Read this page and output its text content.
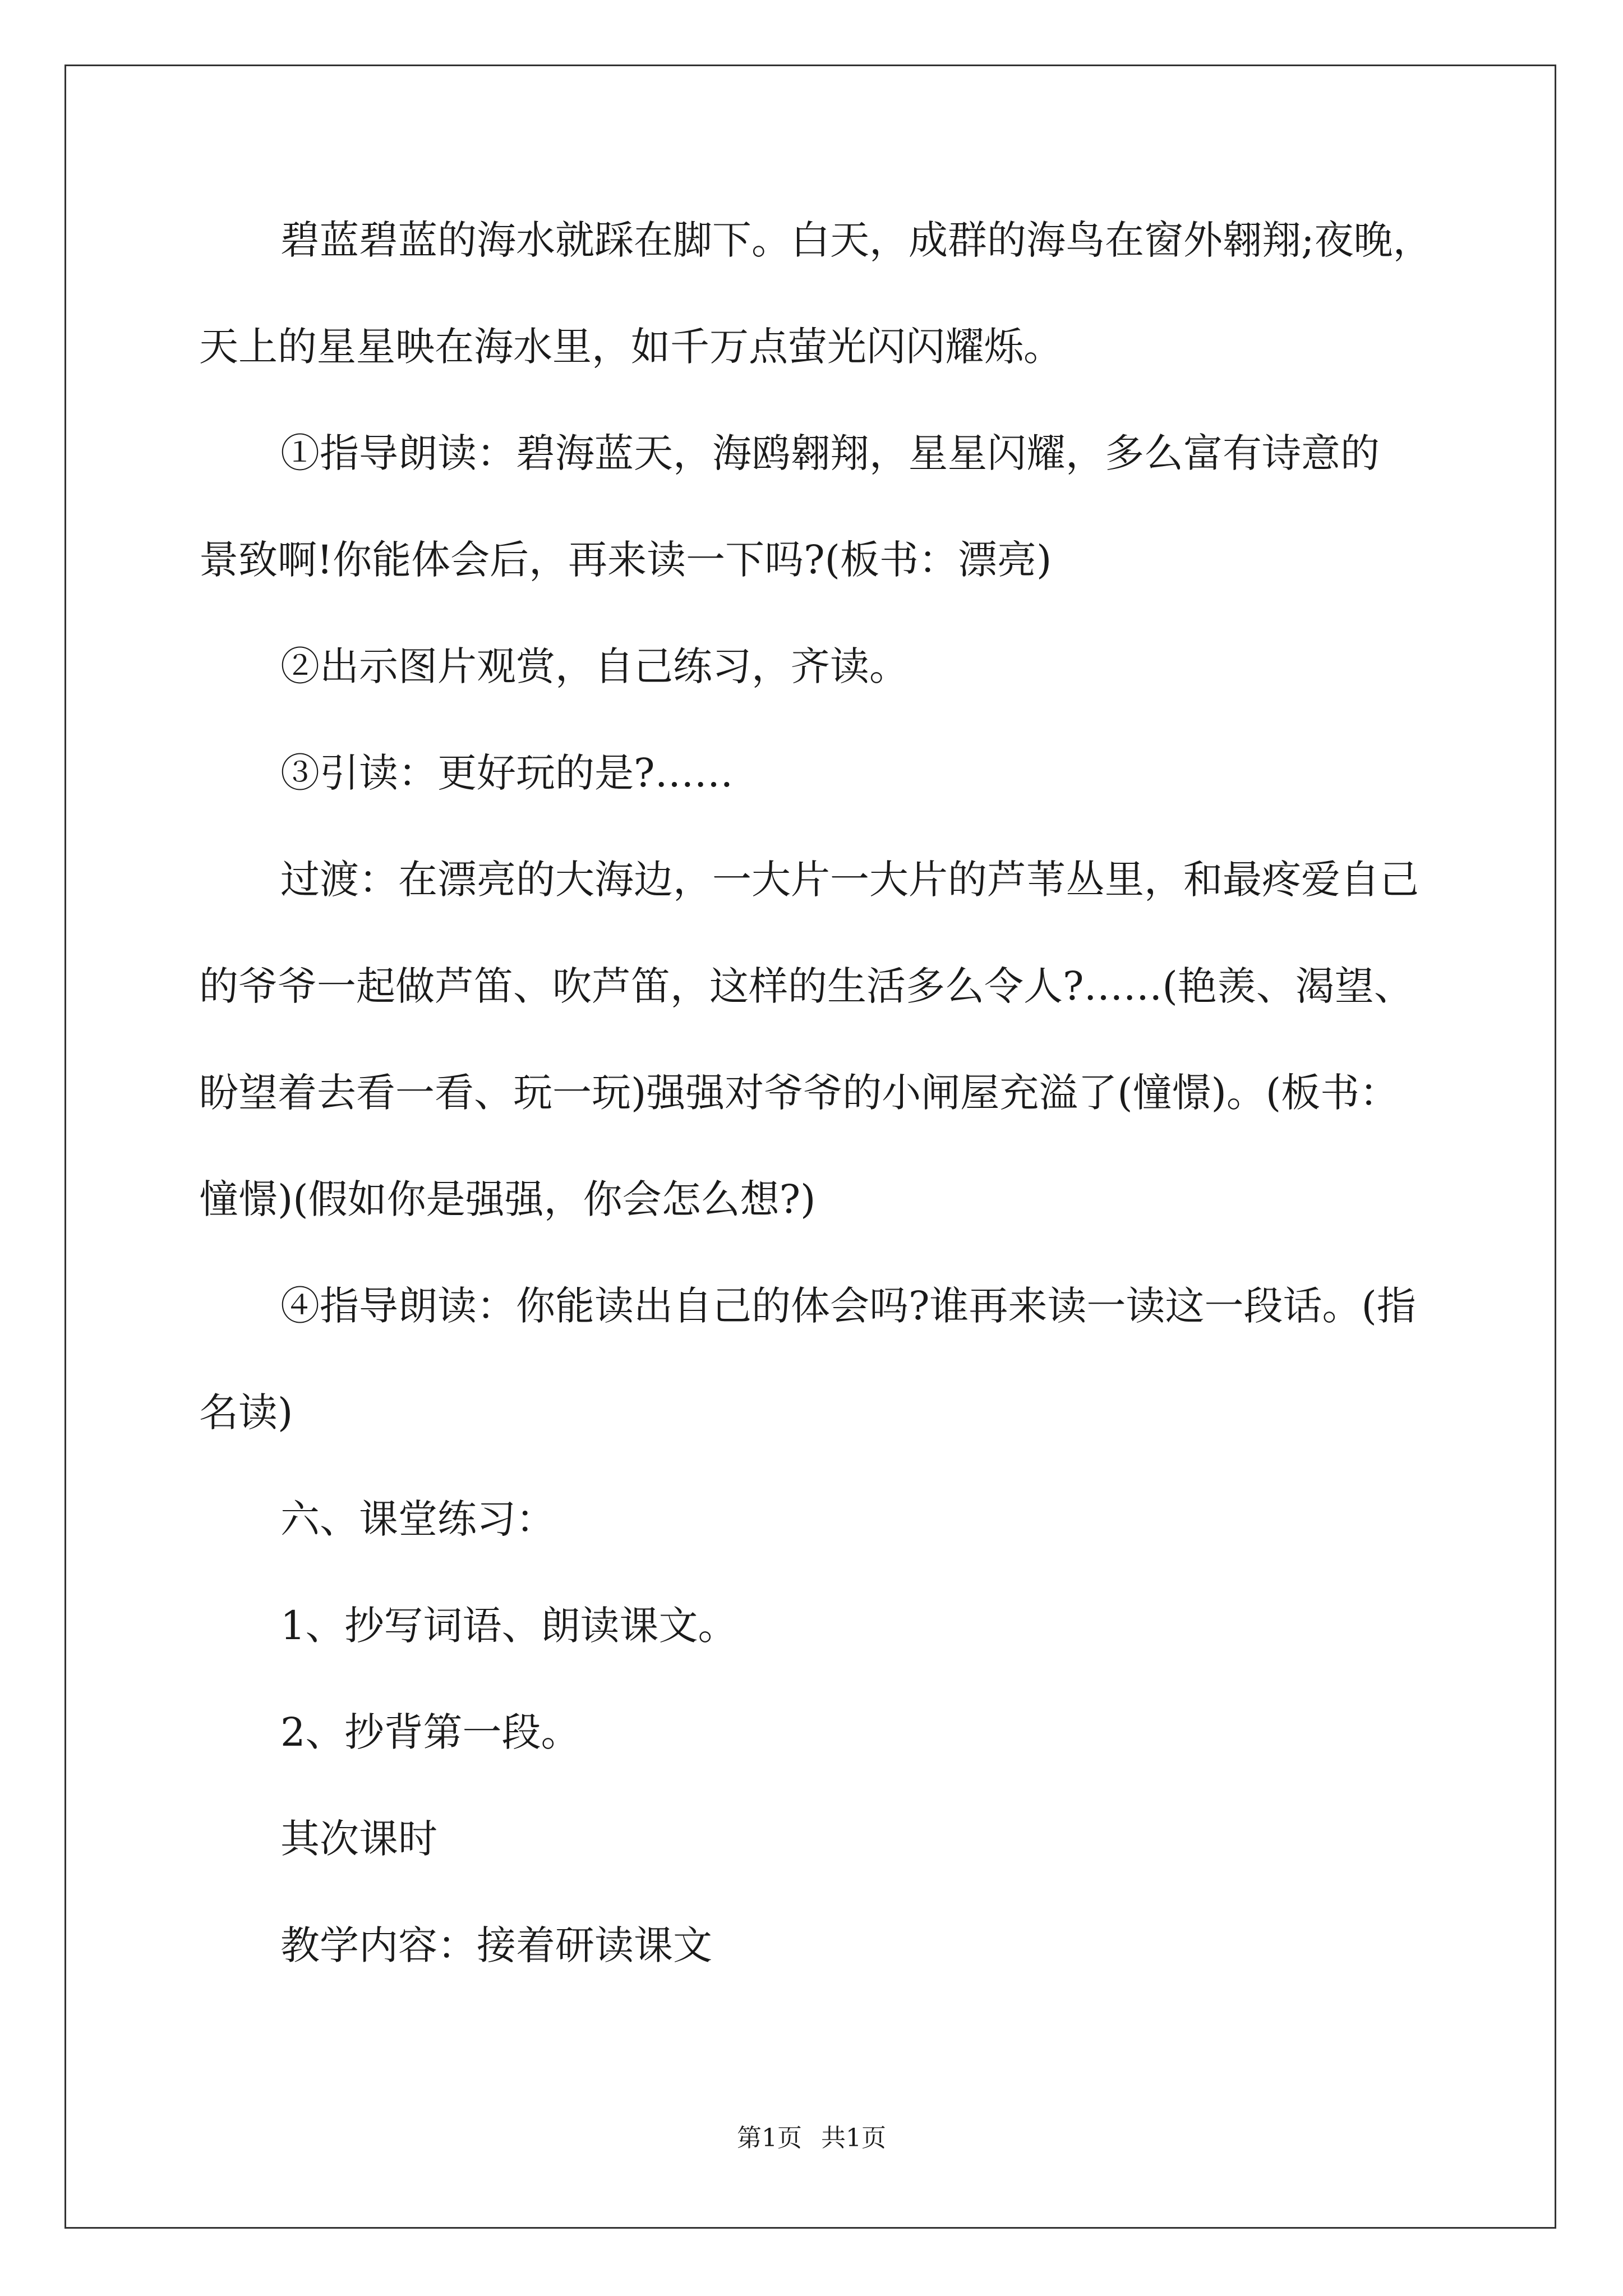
碧蓝碧蓝的海水就踩在脚下。白天，成群的海鸟在窗外翱翔;夜晚，
天上的星星映在海水里，如千万点萤光闪闪耀烁。
①指导朗读：碧海蓝天，海鸥翱翔，星星闪耀，多么富有诗意的
景致啊!你能体会后，再来读一下吗?(板书：漂亮)
②出示图片观赏，自己练习，齐读。
③引读：更好玩的是?……
过渡：在漂亮的大海边，一大片一大片的芦苇丛里，和最疼爱自己
的爷爷一起做芦笛、吹芦笛，这样的生活多么令人?……(艳羡、渴望、
盼望着去看一看、玩一玩)强强对爷爷的小闸屋充溢了(憧憬)。(板书：
憧憬)(假如你是强强，你会怎么想?)
④指导朗读：你能读出自己的体会吗?谁再来读一读这一段话。(指
名读)
六、课堂练习：
1、抄写词语、朗读课文。
2、抄背第一段。
其次课时
教学内容：接着研读课文
第1页 共1页
